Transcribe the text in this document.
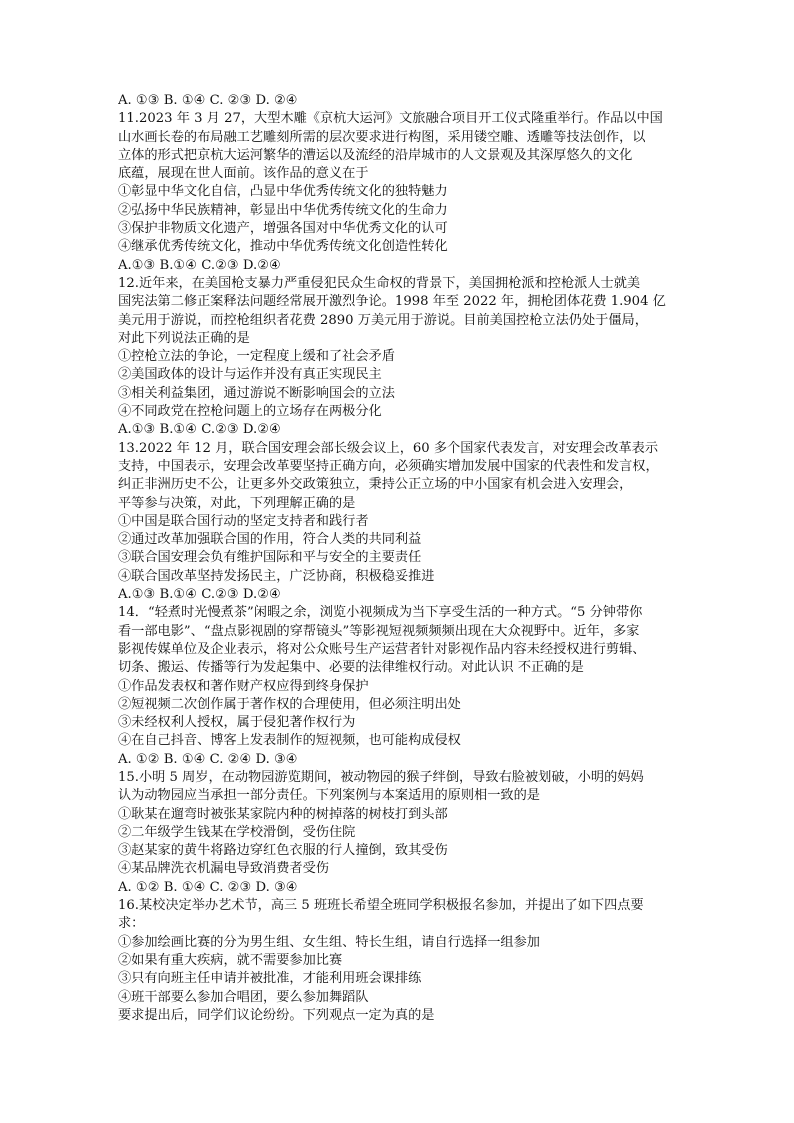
A. ①③ B. ①④ C. ②③ D. ②④
11.2023 年 3 月 27，大型木雕《京杭大运河》文旅融合项目开工仪式隆重举行。作品以中国
山水画长卷的布局融工艺雕刻所需的层次要求进行构图，采用镂空雕、透雕等技法创作，以
立体的形式把京杭大运河繁华的漕运以及流经的沿岸城市的人文景观及其深厚悠久的文化
底蕴，展现在世人面前。该作品的意义在于
①彰显中华文化自信，凸显中华优秀传统文化的独特魅力
②弘扬中华民族精神，彰显出中华优秀传统文化的生命力
③保护非物质文化遗产，增强各国对中华优秀文化的认可
④继承优秀传统文化，推动中华优秀传统文化创造性转化
A.①③ B.①④ C.②③ D.②④
12.近年来，在美国枪支暴力严重侵犯民众生命权的背景下，美国拥枪派和控枪派人士就美
国宪法第二修正案释法问题经常展开激烈争论。1998 年至 2022 年，拥枪团体花费 1.904 亿
美元用于游说，而控枪组织者花费 2890 万美元用于游说。目前美国控枪立法仍处于僵局，
对此下列说法正确的是
①控枪立法的争论，一定程度上缓和了社会矛盾
②美国政体的设计与运作并没有真正实现民主
③相关利益集团，通过游说不断影响国会的立法
④不同政党在控枪问题上的立场存在两极分化
A.①③ B.①④ C.②③ D.②④
13.2022 年 12 月，联合国安理会部长级会议上，60 多个国家代表发言，对安理会改革表示
支持，中国表示，安理会改革要坚持正确方向，必须确实增加发展中国家的代表性和发言权，
纠正非洲历史不公，让更多外交政策独立，秉持公正立场的中小国家有机会进入安理会，
平等参与决策，对此，下列理解正确的是
①中国是联合国行动的坚定支持者和践行者
②通过改革加强联合国的作用，符合人类的共同利益
③联合国安理会负有维护国际和平与安全的主要责任
④联合国改革坚持发扬民主，广泛协商，积极稳妥推进
A.①③ B.①④ C.②③ D.②④
14．“轻煮时光慢煮茶”闲暇之余，浏览小视频成为当下享受生活的一种方式。“5 分钟带你
看一部电影”、“盘点影视剧的穿帮镜头”等影视短视频频频出现在大众视野中。近年，多家
影视传媒单位及企业表示，将对公众账号生产运营者针对影视作品内容未经授权进行剪辑、
切条、搬运、传播等行为发起集中、必要的法律维权行动。对此认识 不正确的是
①作品发表权和著作财产权应得到终身保护
②短视频二次创作属于著作权的合理使用，但必须注明出处
③未经权利人授权，属于侵犯著作权行为
④在自己抖音、博客上发表制作的短视频，也可能构成侵权
A. ①② B. ①④ C. ②④ D. ③④
15.小明 5 周岁，在动物园游览期间，被动物园的猴子绊倒，导致右脸被划破，小明的妈妈
认为动物园应当承担一部分责任。下列案例与本案适用的原则相一致的是
①耿某在遛弯时被张某家院内种的树掉落的树枝打到头部
②二年级学生钱某在学校滑倒，受伤住院
③赵某家的黄牛将路边穿红色衣服的行人撞倒，致其受伤
④某品牌洗衣机漏电导致消费者受伤
A. ①② B. ①④ C. ②③ D. ③④
16.某校决定举办艺术节，高三 5 班班长希望全班同学积极报名参加，并提出了如下四点要
求：
①参加绘画比赛的分为男生组、女生组、特长生组，请自行选择一组参加
②如果有重大疾病，就不需要参加比赛
③只有向班主任申请并被批准，才能利用班会课排练
④班干部要么参加合唱团，要么参加舞蹈队
要求提出后，同学们议论纷纷。下列观点一定为真的是
